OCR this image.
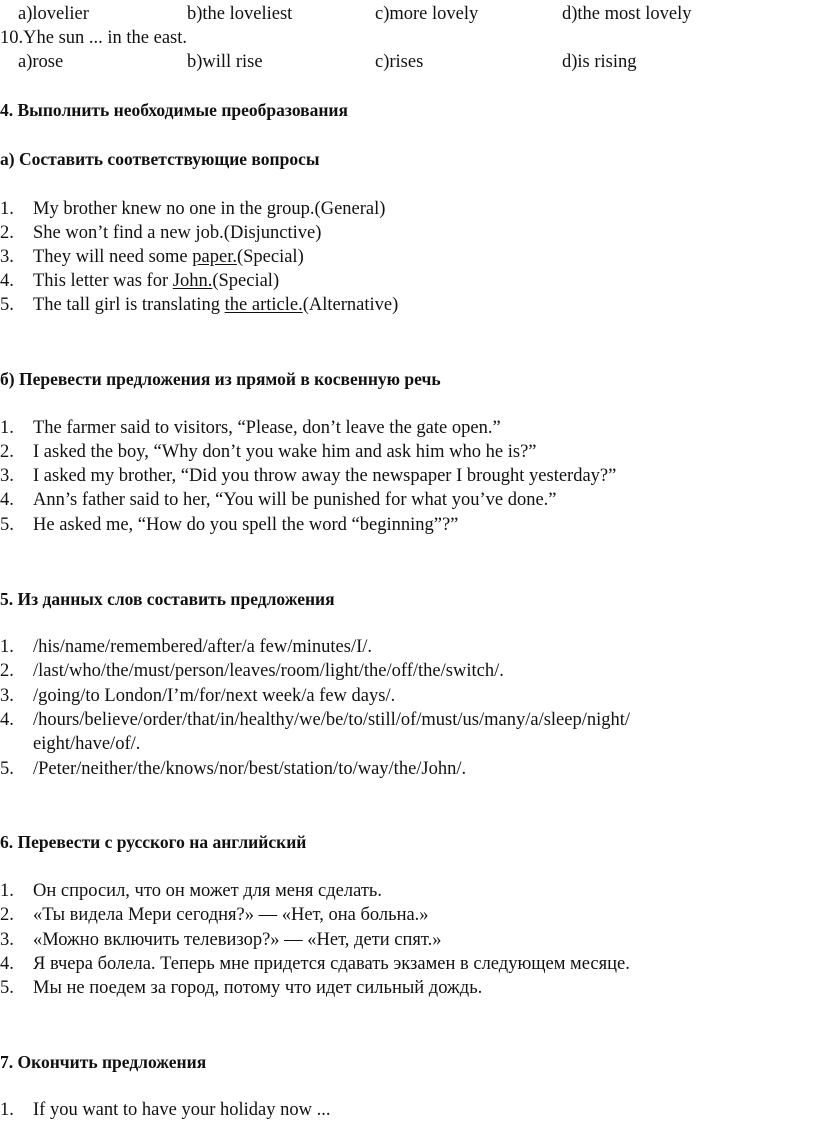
a)lovelier	b)the loveliest	c)more lovely	d)the most lovely
10.Yhe sun ... in the east.
a)rose	b)will rise	c)rises	d)is rising
4. Выполнить необходимые преобразования
а) Составить соответствующие вопросы
1.	My brother knew no one in the group.(General)
2.	She won’t find a new job.(Disjunctive)
3.	They will need some paper.(Special)
4.	This letter was for John.(Special)
5.	The tall girl is translating the article.(Alternative)
б) Перевести предложения из прямой в косвенную речь
1.	The farmer said to visitors, “Please, don’t leave the gate open.”
2.	I asked the boy, “Why don’t you wake him and ask him who he is?”
3.	I asked my brother, “Did you throw away the newspaper I brought yesterday?”
4.	Ann’s father said to her, “You will be punished for what you’ve done.”
5.	He asked me, “How do you spell the word “beginning”?”
5. Из данных слов составить предложения
1.	/his/name/remembered/after/a few/minutes/I/.
2.	/last/who/the/must/person/leaves/room/light/the/off/the/switch/.
3.	/going/to London/I’m/for/next week/a few days/.
4.	/hours/believe/order/that/in/healthy/we/be/to/still/of/must/us/many/a/sleep/night/
eight/have/of/.
5.	/Peter/neither/the/knows/nor/best/station/to/way/the/John/.
6. Перевести с русского на английский
1.	Он спросил, что он может для меня сделать.
2.	«Ты видела Мери сегодня?» — «Нет, она больна.»
3.	«Можно включить телевизор?» — «Нет, дети спят.»
4.	Я вчера болела. Теперь мне придется сдавать экзамен в следующем месяце.
5.	Мы не поедем за город, потому что идет сильный дождь.
7. Окончить предложения
1.	If you want to have your holiday now ...
